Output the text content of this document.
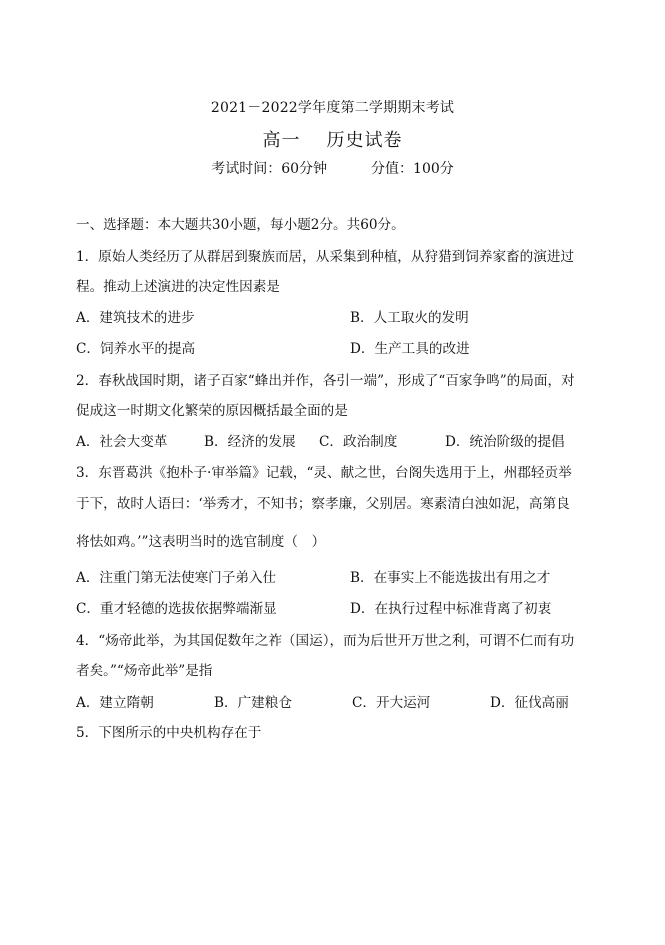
2021－2022学年度第二学期期末考试
高一 历史试卷
考试时间：60分钟	分值：100分
一、选择题：本大题共30小题，每小题2分。共60分。
1．原始人类经历了从群居到聚族而居，从采集到种植，从狩猎到饲养家畜的演进过
程。推动上述演进的决定性因素是
A．建筑技术的进步	B．人工取火的发明
C．饲养水平的提高	D．生产工具的改进
2．春秋战国时期，诸子百家“蜂出并作，各引一端”，形成了“百家争鸣”的局面，对
促成这一时期文化繁荣的原因概括最全面的是
A．社会大变革	B．经济的发展 C．政治制度	D．统治阶级的提倡
3．东晋葛洪《抱朴子·审举篇》记载，“灵、献之世，台阁失选用于上，州郡轻贡举
于下，故时人语曰：‘举秀才，不知书；察孝廉，父别居。寒素清白浊如泥，高第良
将怯如鸡。’”这表明当时的选官制度（　）
A．注重门第无法使寒门子弟入仕	B．在事实上不能选拔出有用之才
C．重才轻德的选拔依据弊端渐显	D．在执行过程中标准背离了初衷
4．“炀帝此举，为其国促数年之祚（国运），而为后世开万世之利，可谓不仁而有功
者矣。”“炀帝此举”是指
A．建立隋朝	B．广建粮仓	C．开大运河	D．征伐高丽
5．下图所示的中央机构存在于
